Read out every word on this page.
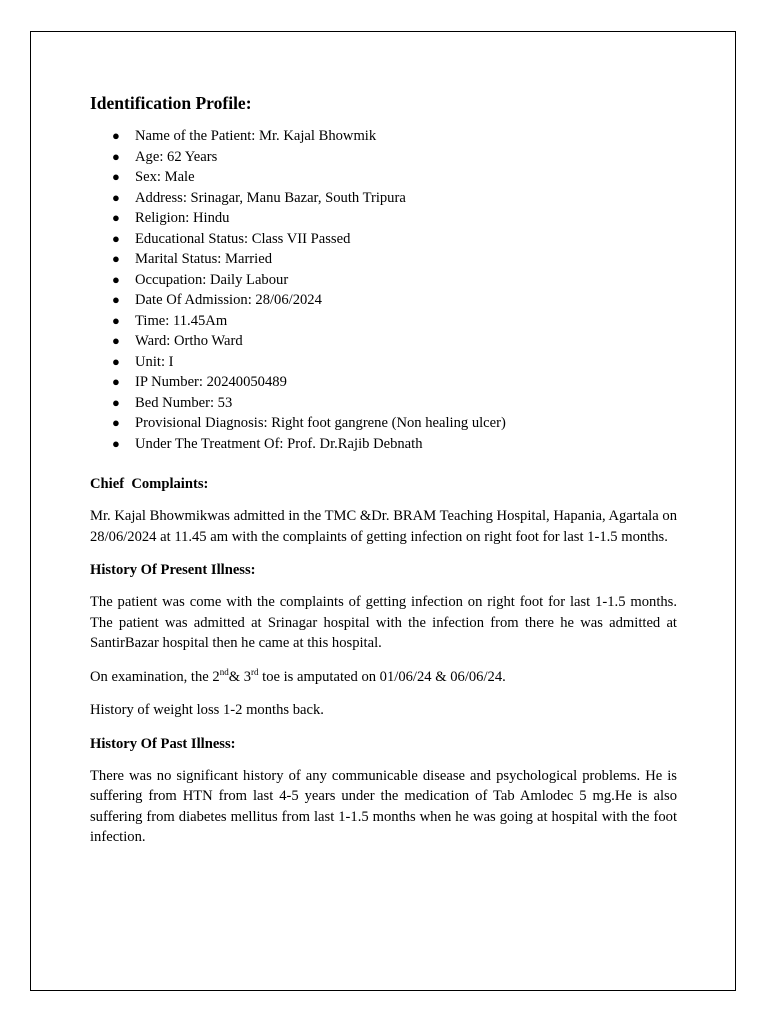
Identification Profile:
● Name of the Patient: Mr. Kajal Bhowmik
● Age: 62 Years
● Sex: Male
● Address: Srinagar, Manu Bazar, South Tripura
● Religion: Hindu
● Educational Status: Class VII Passed
● Marital Status: Married
● Occupation: Daily Labour
● Date Of Admission: 28/06/2024
● Time: 11.45Am
● Ward: Ortho Ward
● Unit: I
● IP Number: 20240050489
● Bed Number: 53
● Provisional Diagnosis: Right foot gangrene (Non healing ulcer)
● Under The Treatment Of: Prof. Dr.Rajib Debnath
Chief  Complaints:

Mr. Kajal Bhowmikwas admitted in the TMC &Dr. BRAM Teaching Hospital, Hapania, Agartala on 28/06/2024 at 11.45 am with the complaints of getting infection on right foot for last 1-1.5 months.

History Of Present Illness:

The patient was come with the complaints of getting infection on right foot for last 1-1.5 months. The patient was admitted at Srinagar hospital with the infection from there he was admitted at SantirBazar hospital then he came at this hospital.

On examination, the 2nd& 3rd toe is amputated on 01/06/24 & 06/06/24.

History of weight loss 1-2 months back.

History Of Past Illness:

There was no significant history of any communicable disease and psychological problems. He is suffering from HTN from last 4-5 years under the medication of Tab Amlodec 5 mg.He is also suffering from diabetes mellitus from last 1-1.5 months when he was going at hospital with the foot infection.
